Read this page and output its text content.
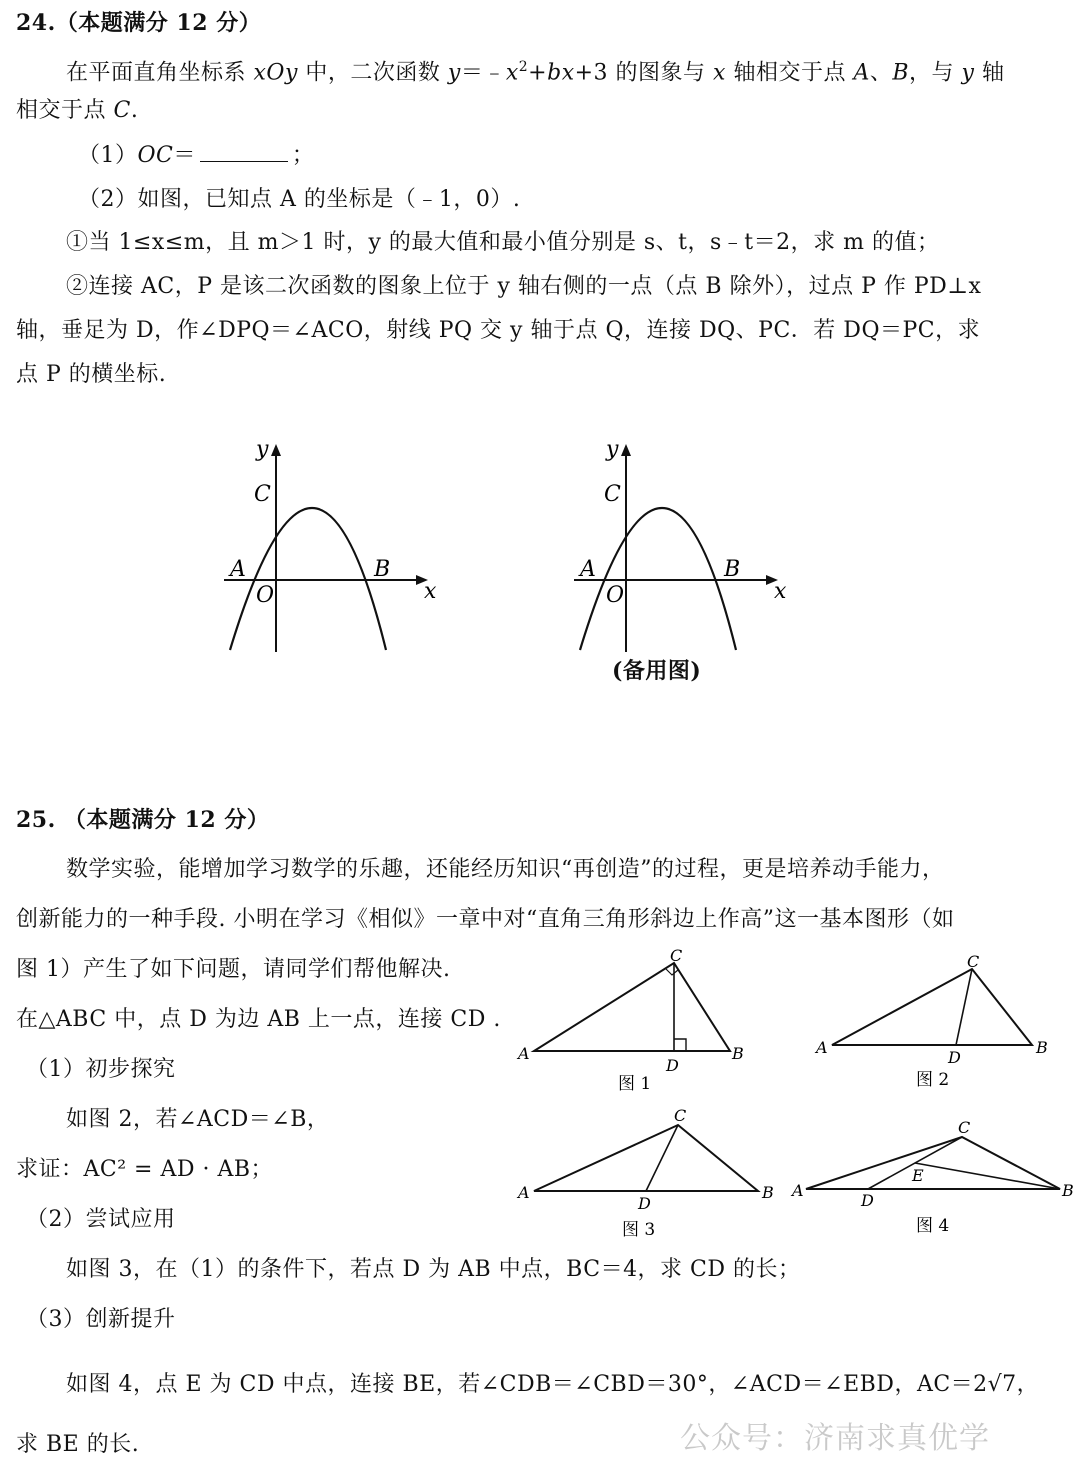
24.（本题满分 12 分）
在平面直角坐标系 xOy 中，二次函数 $y=﹣x^2+bx+3$ 的图象与 x 轴相交于点 A、B，与 y 轴
相交于点 C.
（1）OC＝	；
（2）如图，已知点 A 的坐标是（﹣1，0）.
①当 1≤x≤m，且 m＞1 时，y 的最大值和最小值分别是 s、t，s﹣t＝2，求 m 的值；
②连接 AC，P 是该二次函数的图象上位于 y 轴右侧的一点（点 B 除外），过点 P 作 PD⊥x
轴，垂足为 D，作∠DPQ＝∠ACO，射线 PQ 交 y 轴于点 Q，连接 DQ、PC．若 DQ＝PC，求
点 P 的横坐标.
y
C
A
O
B
x
y
C
A
O
B
x
(备用图)
25. （本题满分 12 分）
数学实验，能增加学习数学的乐趣，还能经历知识“再创造”的过程，更是培养动手能力，
创新能力的一种手段. 小明在学习《相似》一章中对“直角三角形斜边上作高”这一基本图形（如
图 1）产生了如下问题，请同学们帮他解决.
在△ABC 中，点 D 为边 AB 上一点，连接 CD .
（1）初步探究
如图 2，若∠ACD＝∠B，
求证：AC² = AD · AB；
（2）尝试应用
如图 3，在（1）的条件下，若点 D 为 AB 中点，BC＝4，求 CD 的长；
（3）创新提升
如图 4，点 E 为 CD 中点，连接 BE，若∠CDB＝∠CBD＝30°，∠ACD＝∠EBD，AC＝2√7，
求 BE 的长.
A	B
C
D
图 1
A	B
C
D
图 2
A	B
C
D
图 3
A	B
C
D
E
图 4
公众号：济南求真优学
